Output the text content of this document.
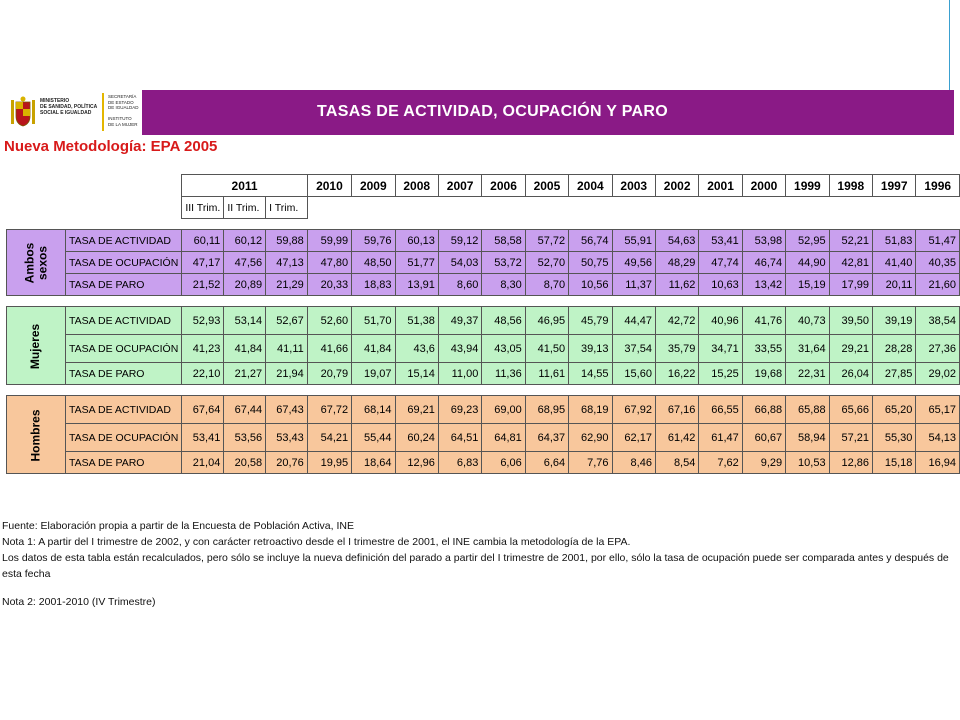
MINISTERIO
DE SANIDAD, POLÍTICA
SOCIAL E IGUALDAD
SECRETARÍA
DE ESTADO
DE IGUALDAD

INSTITUTO
DE LA MUJER
TASAS DE ACTIVIDAD, OCUPACIÓN Y PARO
Nueva Metodología: EPA 2005
		2011			2010	2009	2008	2007	2006	2005	2004	2003	2002	2001	2000	1999	1998	1997	1996
		III Trim.	II Trim.	I Trim.															

Ambos sexos	TASA DE ACTIVIDAD	60,11	60,12	59,88	59,99	59,76	60,13	59,12	58,58	57,72	56,74	55,91	54,63	53,41	53,98	52,95	52,21	51,83	51,47
	TASA DE OCUPACIÓN	47,17	47,56	47,13	47,80	48,50	51,77	54,03	53,72	52,70	50,75	49,56	48,29	47,74	46,74	44,90	42,81	41,40	40,35
	TASA DE PARO	21,52	20,89	21,29	20,33	18,83	13,91	8,60	8,30	8,70	10,56	11,37	11,62	10,63	13,42	15,19	17,99	20,11	21,60

Mujeres	TASA DE ACTIVIDAD	52,93	53,14	52,67	52,60	51,70	51,38	49,37	48,56	46,95	45,79	44,47	42,72	40,96	41,76	40,73	39,50	39,19	38,54
	TASA DE OCUPACIÓN	41,23	41,84	41,11	41,66	41,84	43,6	43,94	43,05	41,50	39,13	37,54	35,79	34,71	33,55	31,64	29,21	28,28	27,36
	TASA DE PARO	22,10	21,27	21,94	20,79	19,07	15,14	11,00	11,36	11,61	14,55	15,60	16,22	15,25	19,68	22,31	26,04	27,85	29,02

Hombres	TASA DE ACTIVIDAD	67,64	67,44	67,43	67,72	68,14	69,21	69,23	69,00	68,95	68,19	67,92	67,16	66,55	66,88	65,88	65,66	65,20	65,17
	TASA DE OCUPACIÓN	53,41	53,56	53,43	54,21	55,44	60,24	64,51	64,81	64,37	62,90	62,17	61,42	61,47	60,67	58,94	57,21	55,30	54,13
	TASA DE PARO	21,04	20,58	20,76	19,95	18,64	12,96	6,83	6,06	6,64	7,76	8,46	8,54	7,62	9,29	10,53	12,86	15,18	16,94

Fuente: Elaboración propia a partir de la Encuesta de Población Activa, INE

Nota 1: A partir del I trimestre de 2002, y con carácter retroactivo desde el I trimestre de 2001, el INE cambia la metodología de la EPA.

Los datos de esta tabla están recalculados, pero sólo se incluye la nueva definición del parado a partir del I trimestre de 2001, por ello, sólo la tasa de ocupación puede ser comparada antes y después de esta fecha

Nota 2: 2001-2010 (IV Trimestre)
